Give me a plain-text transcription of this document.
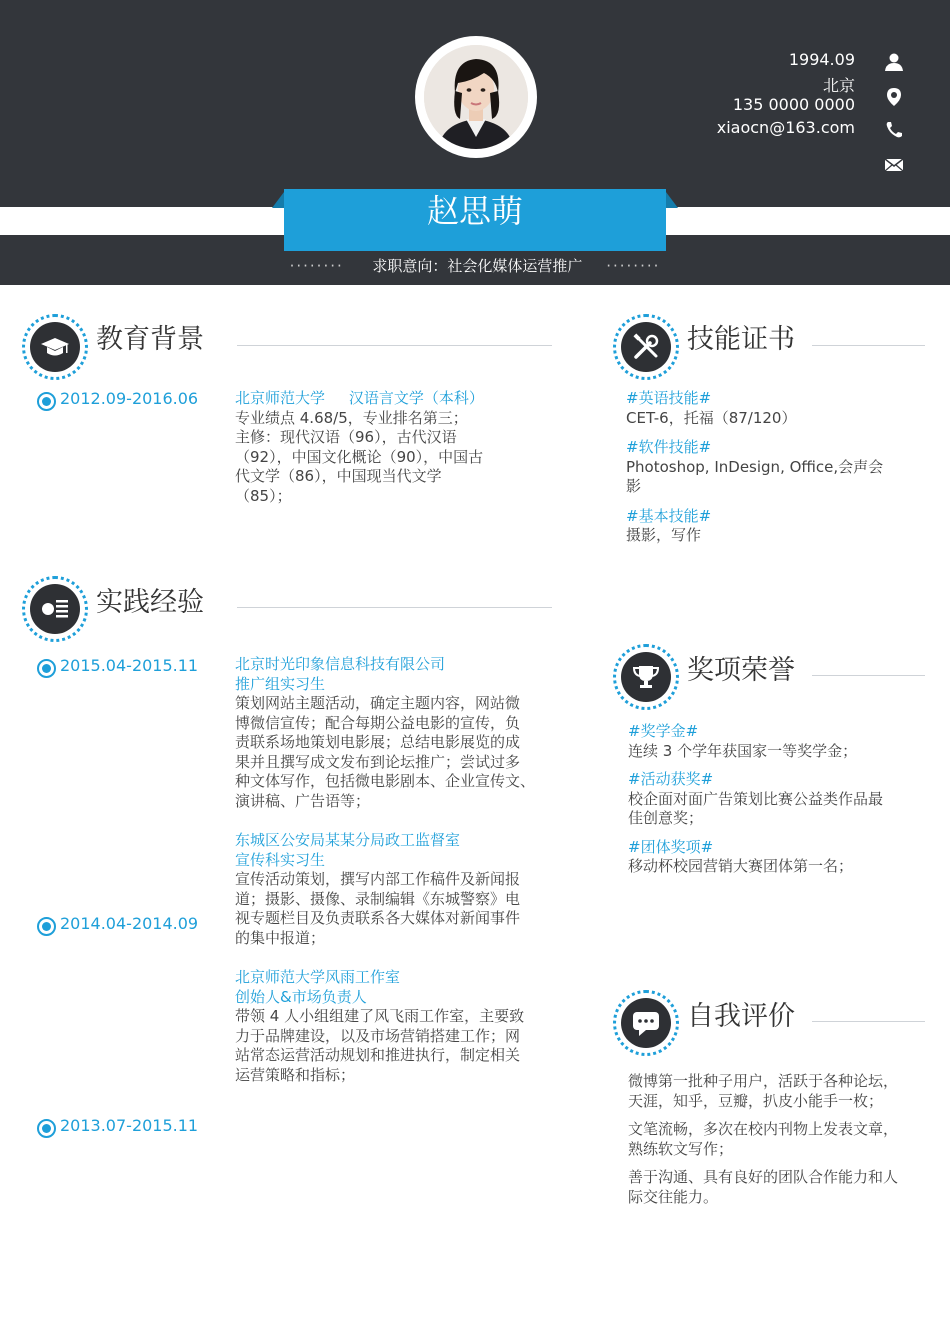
赵思萌
········ 求职意向：社会化媒体运营推广 ········
1994.09
北京
135 0000 0000
xiaocn@163.com
教育背景
2012.09-2016.06 北京师范大学 汉语言文学（本科）
专业绩点 4.68/5，专业排名第三；
主修：现代汉语（96），古代汉语
（92），中国文化概论（90），中国古
代文学（86），中国现当代文学
（85）；
实践经验
2015.04-2015.11
2014.04-2014.09
2013.07-2015.11
北京时光印象信息科技有限公司
推广组实习生
策划网站主题活动，确定主题内容，网站微
博微信宣传；配合每期公益电影的宣传，负
责联系场地策划电影展；总结电影展览的成
果并且撰写成文发布到论坛推广；尝试过多
种文体写作，包括微电影剧本、企业宣传文、
演讲稿、广告语等；
东城区公安局某某分局政工监督室
宣传科实习生
宣传活动策划，撰写内部工作稿件及新闻报
道；摄影、摄像、录制编辑《东城警察》电
视专题栏目及负责联系各大媒体对新闻事件
的集中报道；
北京师范大学风雨工作室
创始人&市场负责人
带领 4 人小组组建了风飞雨工作室，主要致
力于品牌建设，以及市场营销搭建工作；网
站常态运营活动规划和推进执行，制定相关
运营策略和指标；
技能证书
#英语技能#
CET-6，托福（87/120）
#软件技能#
Photoshop, InDesign, Office,会声会
影
#基本技能#
摄影，写作
奖项荣誉
#奖学金#
连续 3 个学年获国家一等奖学金；
#活动获奖#
校企面对面广告策划比赛公益类作品最
佳创意奖；
#团体奖项#
移动杯校园营销大赛团体第一名；
自我评价
微博第一批种子用户，活跃于各种论坛，
天涯，知乎，豆瓣，扒皮小能手一枚；
文笔流畅，多次在校内刊物上发表文章，
熟练软文写作；
善于沟通、具有良好的团队合作能力和人
际交往能力。
